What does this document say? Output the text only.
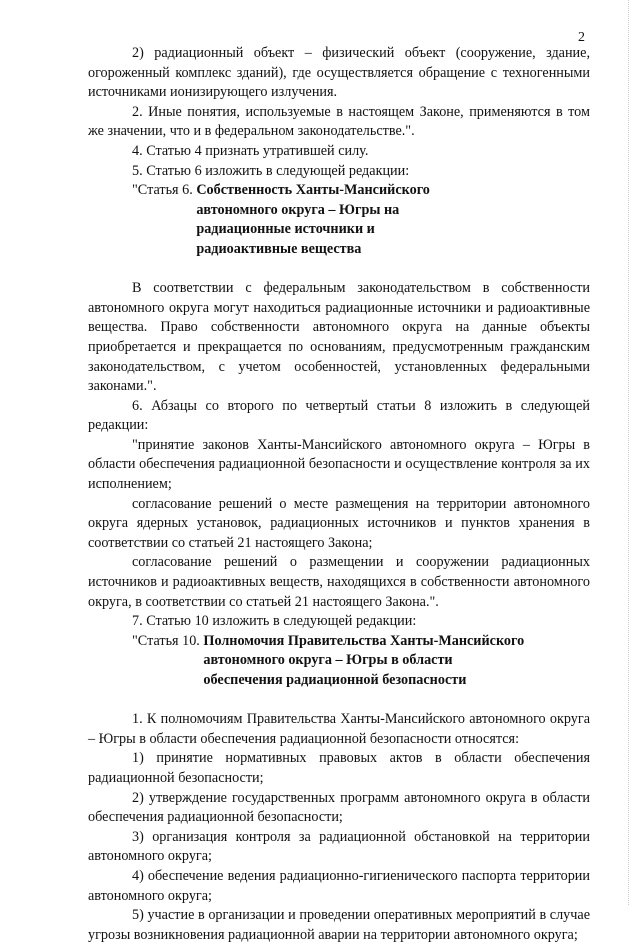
2

2) радиационный объект – физический объект (сооружение, здание, огороженный комплекс зданий), где осуществляется обращение с техногенными источниками ионизирующего излучения.

2. Иные понятия, используемые в настоящем Законе, применяются в том же значении, что и в федеральном законодательстве.".

4. Статью 4 признать утратившей силу.

5. Статью 6 изложить в следующей редакции:

"Статья 6. Собственность Ханты-Мансийского автономного округа – Югры на радиационные источники и радиоактивные вещества

В соответствии с федеральным законодательством в собственности автономного округа могут находиться радиационные источники и радиоактивные вещества. Право собственности автономного округа на данные объекты приобретается и прекращается по основаниям, предусмотренным гражданским законодательством, с учетом особенностей, установленных федеральными законами.".

6. Абзацы со второго по четвертый статьи 8 изложить в следующей редакции:

"принятие законов Ханты-Мансийского автономного округа – Югры в области обеспечения радиационной безопасности и осуществление контроля за их исполнением;

согласование решений о месте размещения на территории автономного округа ядерных установок, радиационных источников и пунктов хранения в соответствии со статьей 21 настоящего Закона;

согласование решений о размещении и сооружении радиационных источников и радиоактивных веществ, находящихся в собственности автономного округа, в соответствии со статьей 21 настоящего Закона.".

7. Статью 10 изложить в следующей редакции:

"Статья 10. Полномочия Правительства Ханты-Мансийского автономного округа – Югры в области обеспечения радиационной безопасности

1. К полномочиям Правительства Ханты-Мансийского автономного округа – Югры в области обеспечения радиационной безопасности относятся:

1) принятие нормативных правовых актов в области обеспечения радиационной безопасности;

2) утверждение государственных программ автономного округа в области обеспечения радиационной безопасности;

3) организация контроля за радиационной обстановкой на территории автономного округа;

4) обеспечение ведения радиационно-гигиенического паспорта территории автономного округа;

5) участие в организации и проведении оперативных мероприятий в случае угрозы возникновения радиационной аварии на территории автономного округа;
